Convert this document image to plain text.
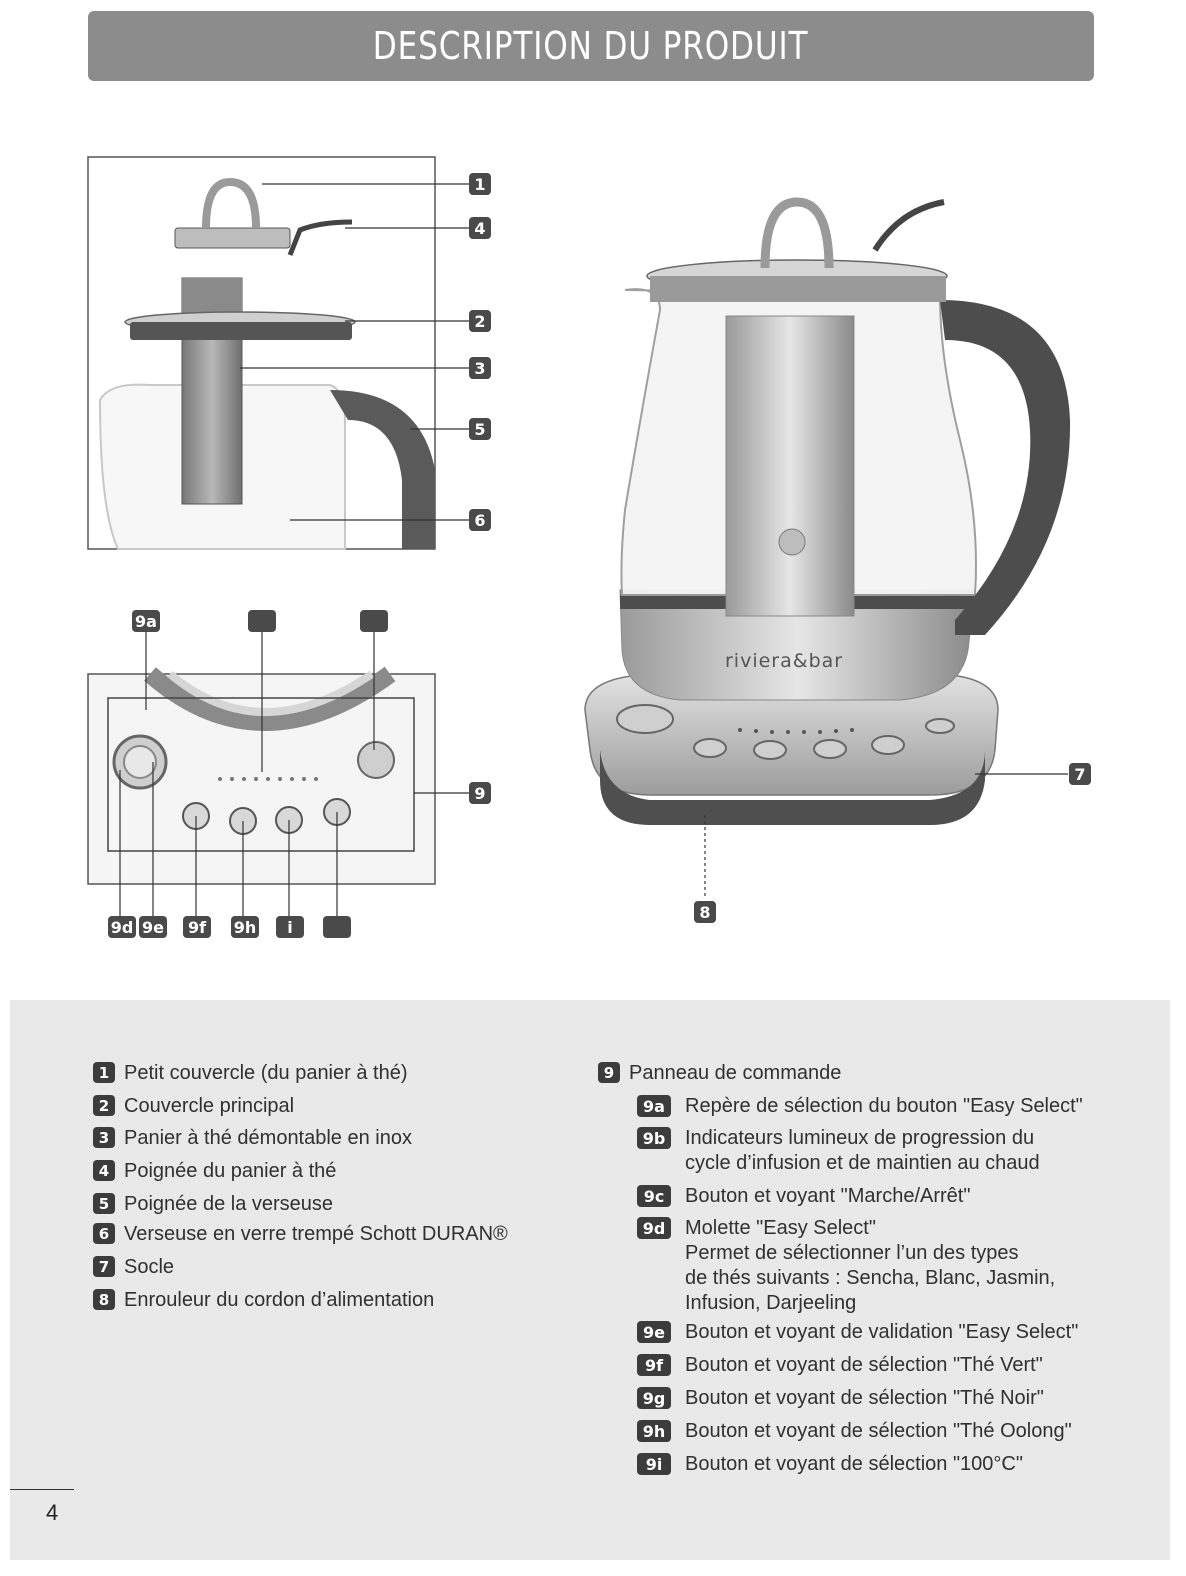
DESCRIPTION DU PRODUIT
riviera&bar
1
4
2
3
5
6
9
7
8
9a
9d 9e	9f	9h	i
1 Petit couvercle (du panier à thé)
2 Couvercle principal
3 Panier à thé démontable en inox
4 Poignée du panier à thé
5 Poignée de la verseuse
6 Verseuse en verre trempé Schott DURAN®
7 Socle
8 Enrouleur du cordon d’alimentation
9 Panneau de commande
9a	Repère de sélection du bouton "Easy Select"
9b Indicateurs lumineux de progression du
cycle d’infusion et de maintien au chaud
9c	Bouton et voyant "Marche/Arrêt"
9d Molette "Easy Select"
Permet de sélectionner l’un des types
de thés suivants : Sencha, Blanc, Jasmin,
Infusion, Darjeeling
9e	Bouton et voyant de validation "Easy Select"
9f	Bouton et voyant de sélection "Thé Vert"
9g Bouton et voyant de sélection "Thé Noir"
9h Bouton et voyant de sélection "Thé Oolong"
9i	Bouton et voyant de sélection "100°C"
4
